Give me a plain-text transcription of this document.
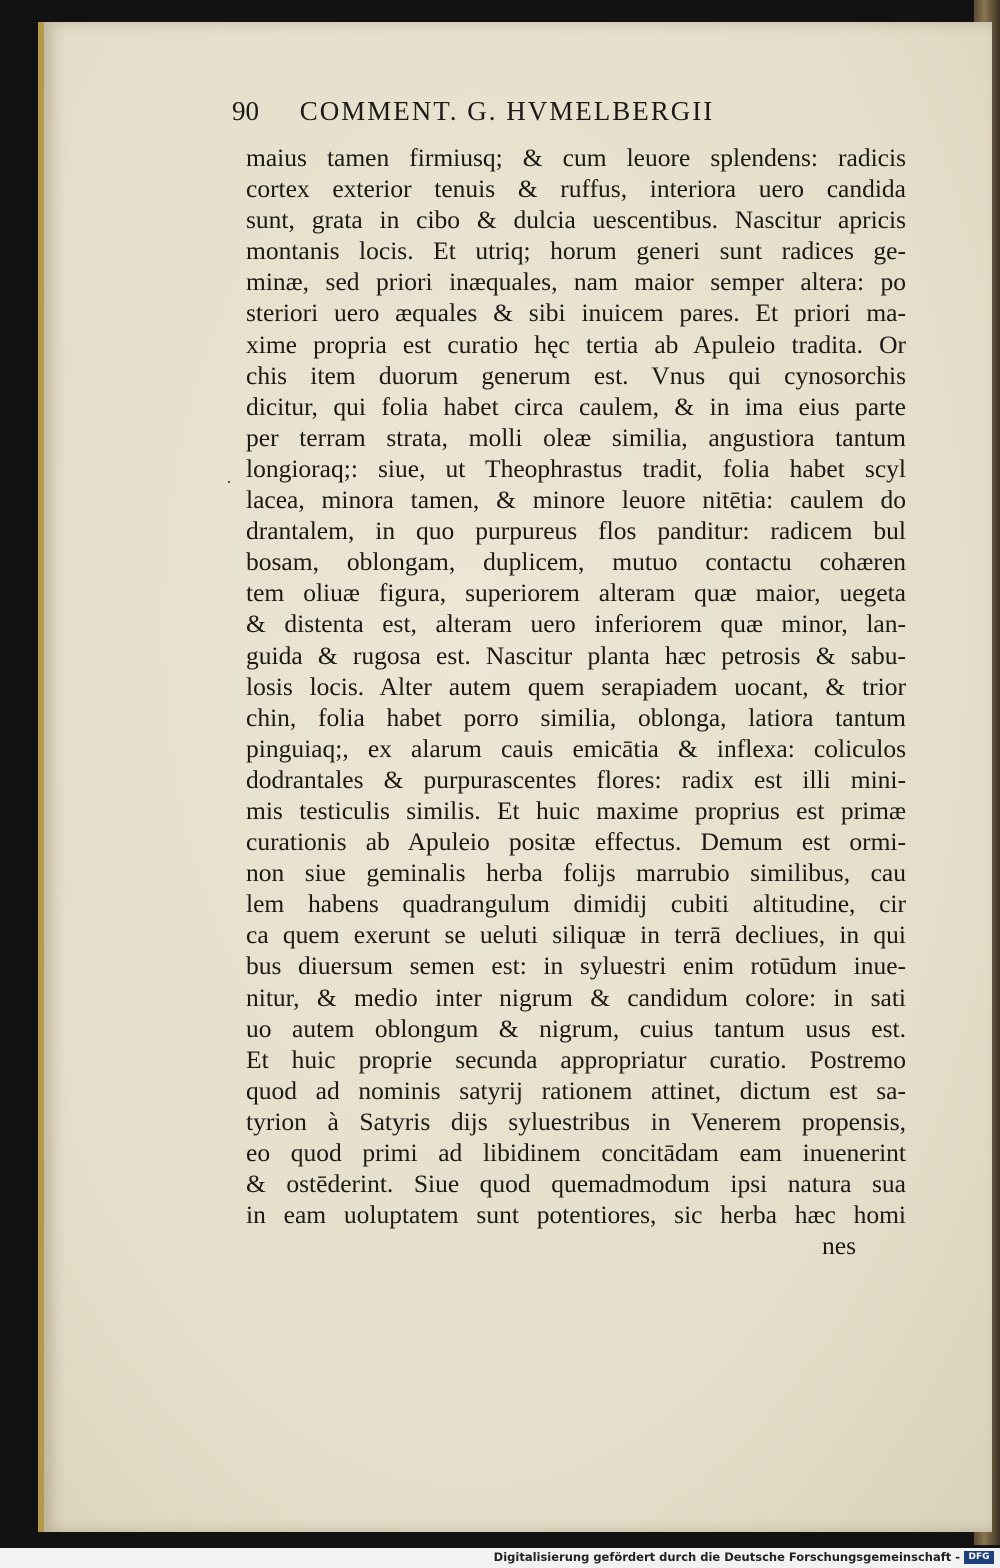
90 COMMENT. G. HVMELBERGII
·
maius tamen firmiusq; & cum leuore splendens: radicis
cortex exterior tenuis & ruffus, interiora uero candida
sunt, grata in cibo & dulcia uescentibus. Nascitur apricis
montanis locis. Et utriq; horum generi sunt radices ge-
minæ, sed priori inæquales, nam maior semper altera: po
steriori uero æquales & sibi inuicem pares. Et priori ma-
xime propria est curatio hęc tertia ab Apuleio tradita. Or
chis item duorum generum est. Vnus qui cynosorchis
dicitur, qui folia habet circa caulem, & in ima eius parte
per terram strata, molli oleæ similia, angustiora tantum
longioraq;: siue, ut Theophrastus tradit, folia habet scyl
lacea, minora tamen, & minore leuore nitētia: caulem do
drantalem, in quo purpureus flos panditur: radicem bul
bosam, oblongam, duplicem, mutuo contactu cohæren
tem oliuæ figura, superiorem alteram quæ maior, uegeta
& distenta est, alteram uero inferiorem quæ minor, lan-
guida & rugosa est. Nascitur planta hæc petrosis & sabu-
losis locis. Alter autem quem serapiadem uocant, & trior
chin, folia habet porro similia, oblonga, latiora tantum
pinguiaq;, ex alarum cauis emicātia & inflexa: coliculos
dodrantales & purpurascentes flores: radix est illi mini-
mis testiculis similis. Et huic maxime proprius est primæ
curationis ab Apuleio positæ effectus. Demum est ormi-
non siue geminalis herba folijs marrubio similibus, cau
lem habens quadrangulum dimidij cubiti altitudine, cir
ca quem exerunt se ueluti siliquæ in terrā decliues, in qui
bus diuersum semen est: in syluestri enim rotūdum inue-
nitur, & medio inter nigrum & candidum colore: in sati
uo autem oblongum & nigrum, cuius tantum usus est.
Et huic proprie secunda appropriatur curatio. Postremo
quod ad nominis satyrij rationem attinet, dictum est sa-
tyrion à Satyris dijs syluestribus in Venerem propensis,
eo quod primi ad libidinem concitādam eam inuenerint
& ostēderint. Siue quod quemadmodum ipsi natura sua
in eam uoluptatem sunt potentiores, sic herba hæc homi
nes
Digitalisierung gefördert durch die Deutsche Forschungsgemeinschaft - DFG
